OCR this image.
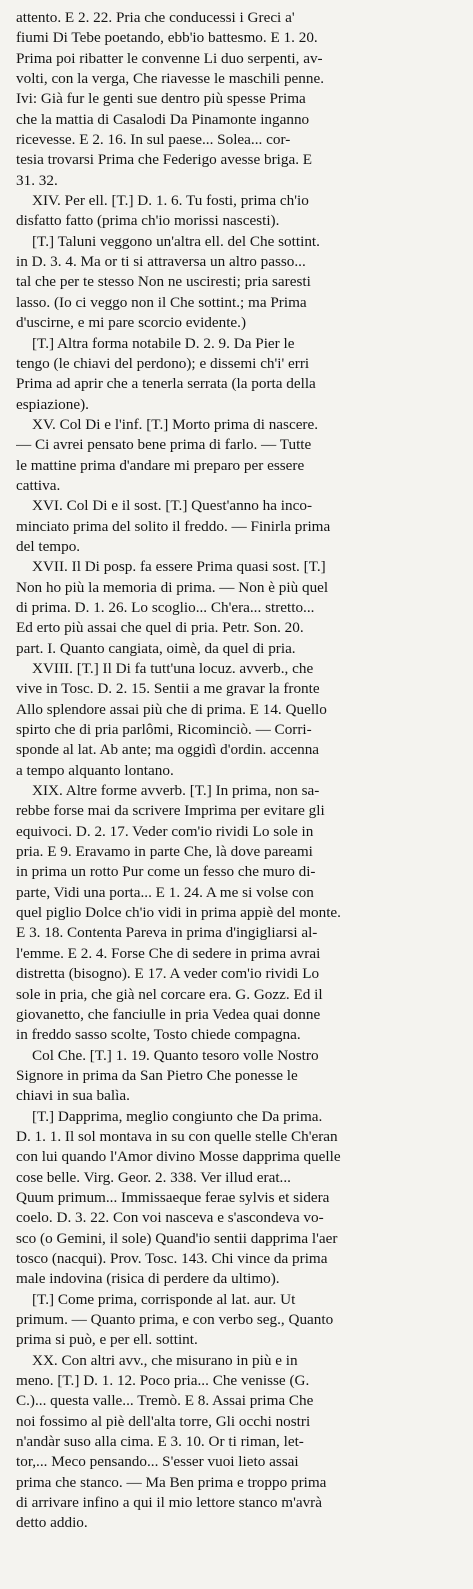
attento. E 2. 22. Pria che conducessi i Greci a'
fiumi Di Tebe poetando, ebb'io battesmo. E 1. 20.
Prima poi ribatter le convenne Li duo serpenti, av-
volti, con la verga, Che riavesse le maschili penne.
Ivi: Già fur le genti sue dentro più spesse Prima
che la mattia di Casalodi Da Pinamonte inganno
ricevesse. E 2. 16. In sul paese... Solea... cor-
tesia trovarsi Prima che Federigo avesse briga. E
31. 32.
XIV. Per ell. [T.] D. 1. 6. Tu fosti, prima ch'io
disfatto fatto (prima ch'io morissi nascesti).
[T.] Taluni veggono un'altra ell. del Che sottint.
in D. 3. 4. Ma or ti si attraversa un altro passo...
tal che per te stesso Non ne usciresti; pria saresti
lasso. (Io ci veggo non il Che sottint.; ma Prima
d'uscirne, e mi pare scorcio evidente.)
[T.] Altra forma notabile D. 2. 9. Da Pier le
tengo (le chiavi del perdono); e dissemi ch'i' erri
Prima ad aprir che a tenerla serrata (la porta della
espiazione).
XV. Col Di e l'inf. [T.] Morto prima di nascere.
— Ci avrei pensato bene prima di farlo. — Tutte
le mattine prima d'andare mi preparo per essere
cattiva.
XVI. Col Di e il sost. [T.] Quest'anno ha inco-
minciato prima del solito il freddo. — Finirla prima
del tempo.
XVII. Il Di posp. fa essere Prima quasi sost. [T.]
Non ho più la memoria di prima. — Non è più quel
di prima. D. 1. 26. Lo scoglio... Ch'era... stretto...
Ed erto più assai che quel di pria. Petr. Son. 20.
part. I. Quanto cangiata, oimè, da quel di pria.
XVIII. [T.] Il Di fa tutt'una locuz. avverb., che
vive in Tosc. D. 2. 15. Sentii a me gravar la fronte
Allo splendore assai più che di prima. E 14. Quello
spirto che di pria parlômi, Ricominciò. — Corri-
sponde al lat. Ab ante; ma oggidì d'ordin. accenna
a tempo alquanto lontano.
XIX. Altre forme avverb. [T.] In prima, non sa-
rebbe forse mai da scrivere Imprima per evitare gli
equivoci. D. 2. 17. Veder com'io rividi Lo sole in
pria. E 9. Eravamo in parte Che, là dove pareami
in prima un rotto Pur come un fesso che muro di-
parte, Vidi una porta... E 1. 24. A me si volse con
quel piglio Dolce ch'io vidi in prima appiè del monte.
E 3. 18. Contenta Pareva in prima d'ingigliarsi al-
l'emme. E 2. 4. Forse Che di sedere in prima avrai
distretta (bisogno). E 17. A veder com'io rividi Lo
sole in pria, che già nel corcare era. G. Gozz. Ed il
giovanetto, che fanciulle in pria Vedea quai donne
in freddo sasso scolte, Tosto chiede compagna.
Col Che. [T.] 1. 19. Quanto tesoro volle Nostro
Signore in prima da San Pietro Che ponesse le
chiavi in sua balìa.
[T.] Dapprima, meglio congiunto che Da prima.
D. 1. 1. Il sol montava in su con quelle stelle Ch'eran
con lui quando l'Amor divino Mosse dapprima quelle
cose belle. Virg. Geor. 2. 338. Ver illud erat...
Quum primum... Immissaeque ferae sylvis et sidera
coelo. D. 3. 22. Con voi nasceva e s'ascondeva vo-
sco (o Gemini, il sole) Quand'io sentii dapprima l'aer
tosco (nacqui). Prov. Tosc. 143. Chi vince da prima
male indovina (risica di perdere da ultimo).
[T.] Come prima, corrisponde al lat. aur. Ut
primum. — Quanto prima, e con verbo seg., Quanto
prima si può, e per ell. sottint.
XX. Con altri avv., che misurano in più e in
meno. [T.] D. 1. 12. Poco pria... Che venisse (G.
C.)... questa valle... Tremò. E 8. Assai prima Che
noi fossimo al piè dell'alta torre, Gli occhi nostri
n'andàr suso alla cima. E 3. 10. Or ti riman, let-
tor,... Meco pensando... S'esser vuoi lieto assai
prima che stanco. — Ma Ben prima e troppo prima
di arrivare infino a qui il mio lettore stanco m'avrà
detto addio.
